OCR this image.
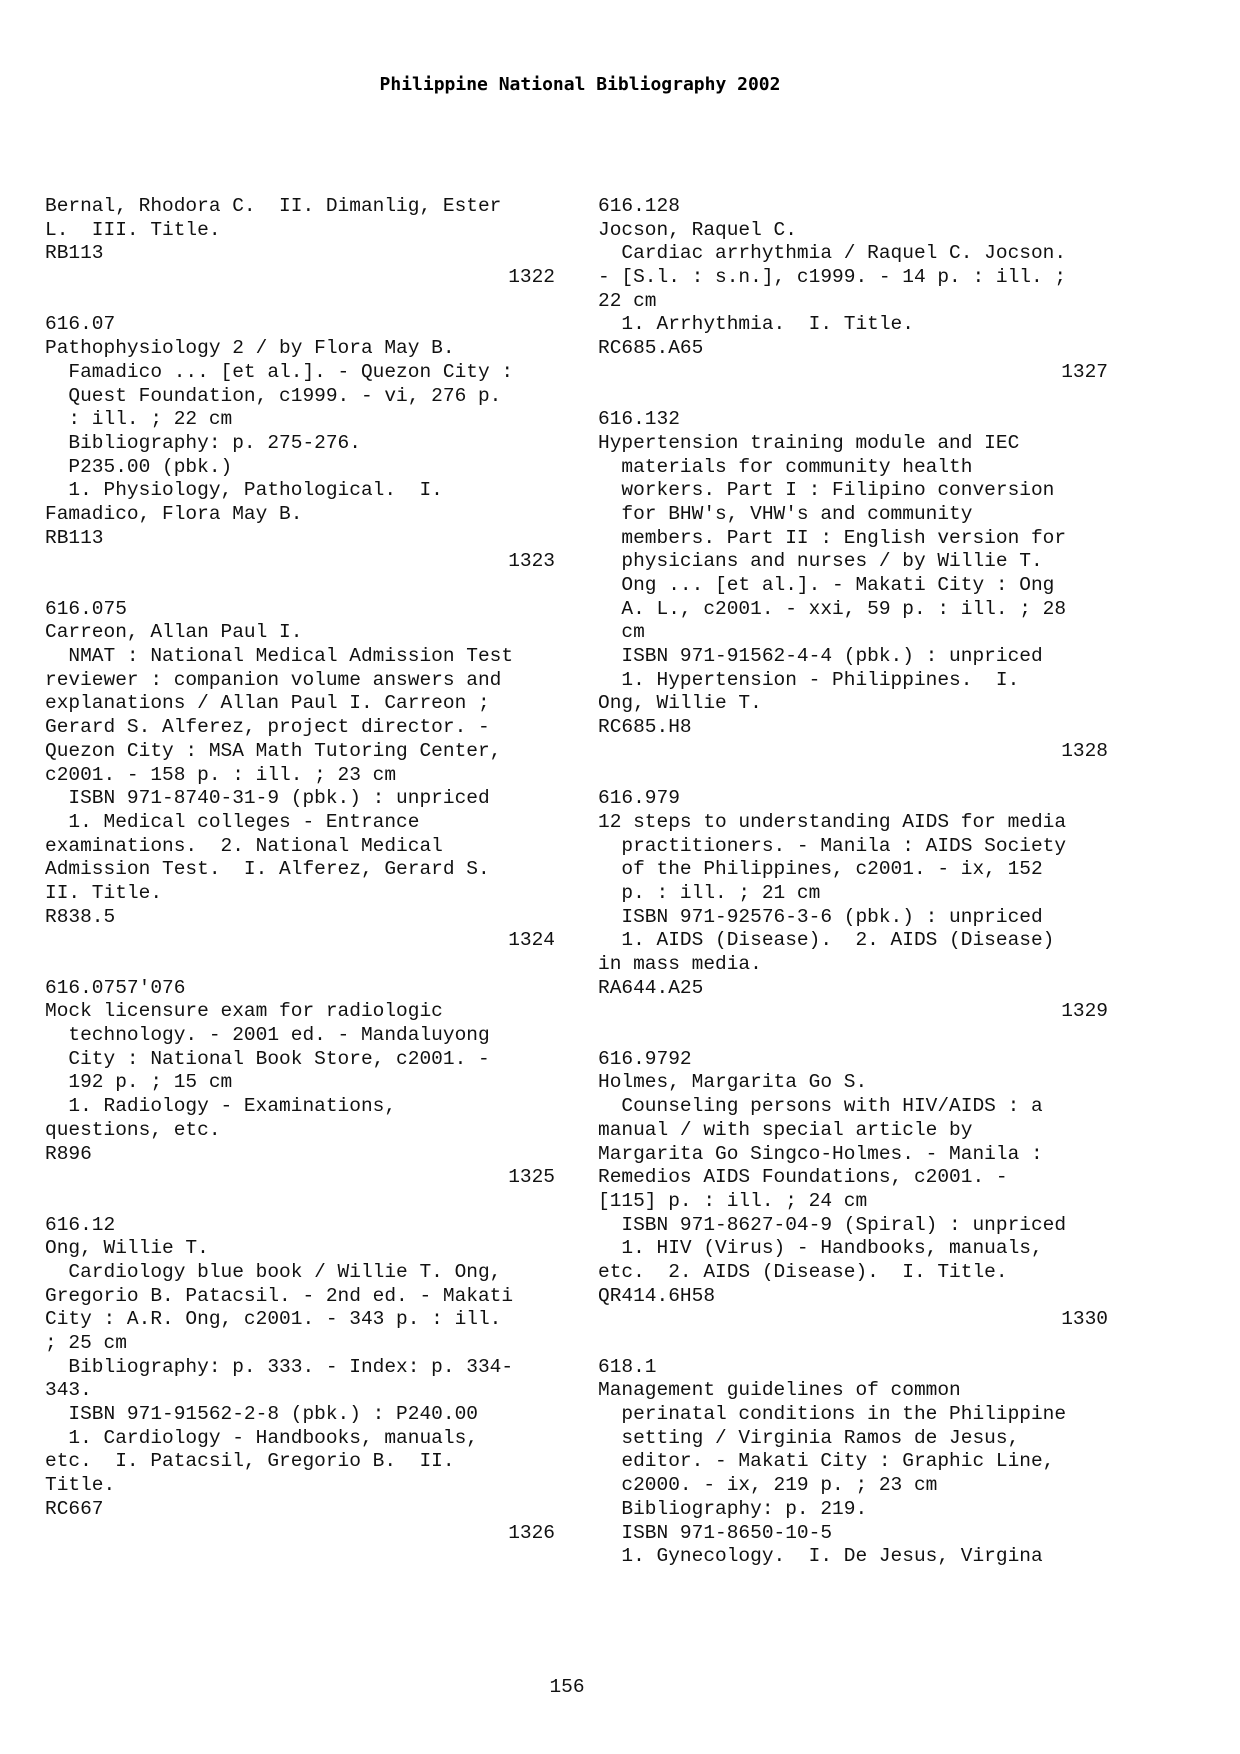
Philippine National Bibliography 2002
Bernal, Rhodora C.  II. Dimanlig, Ester
L.  III. Title.
RB113
1322
616.07
Pathophysiology 2 / by Flora May B.
Famadico ... [et al.]. - Quezon City :
Quest Foundation, c1999. - vi, 276 p.
: ill. ; 22 cm
Bibliography: p. 275-276.
P235.00 (pbk.)
1. Physiology, Pathological.  I.
Famadico, Flora May B.
RB113
1323
616.075
Carreon, Allan Paul I.
NMAT : National Medical Admission Test
reviewer : companion volume answers and
explanations / Allan Paul I. Carreon ;
Gerard S. Alferez, project director. -
Quezon City : MSA Math Tutoring Center,
c2001. - 158 p. : ill. ; 23 cm
ISBN 971-8740-31-9 (pbk.) : unpriced
1. Medical colleges - Entrance
examinations.  2. National Medical
Admission Test.  I. Alferez, Gerard S.
II. Title.
R838.5
1324
616.0757'076
Mock licensure exam for radiologic
technology. - 2001 ed. - Mandaluyong
City : National Book Store, c2001. -
192 p. ; 15 cm
1. Radiology - Examinations,
questions, etc.
R896
1325
616.12
Ong, Willie T.
Cardiology blue book / Willie T. Ong,
Gregorio B. Patacsil. - 2nd ed. - Makati
City : A.R. Ong, c2001. - 343 p. : ill.
; 25 cm
Bibliography: p. 333. - Index: p. 334-
343.
ISBN 971-91562-2-8 (pbk.) : P240.00
1. Cardiology - Handbooks, manuals,
etc.  I. Patacsil, Gregorio B.  II.
Title.
RC667
1326
616.128
Jocson, Raquel C.
Cardiac arrhythmia / Raquel C. Jocson.
- [S.l. : s.n.], c1999. - 14 p. : ill. ;
22 cm
1. Arrhythmia.  I. Title.
RC685.A65
1327
616.132
Hypertension training module and IEC
materials for community health
workers. Part I : Filipino conversion
for BHW's, VHW's and community
members. Part II : English version for
physicians and nurses / by Willie T.
Ong ... [et al.]. - Makati City : Ong
A. L., c2001. - xxi, 59 p. : ill. ; 28
cm
ISBN 971-91562-4-4 (pbk.) : unpriced
1. Hypertension - Philippines.  I.
Ong, Willie T.
RC685.H8
1328
616.979
12 steps to understanding AIDS for media
practitioners. - Manila : AIDS Society
of the Philippines, c2001. - ix, 152
p. : ill. ; 21 cm
ISBN 971-92576-3-6 (pbk.) : unpriced
1. AIDS (Disease).  2. AIDS (Disease)
in mass media.
RA644.A25
1329
616.9792
Holmes, Margarita Go S.
Counseling persons with HIV/AIDS : a
manual / with special article by
Margarita Go Singco-Holmes. - Manila :
Remedios AIDS Foundations, c2001. -
[115] p. : ill. ; 24 cm
ISBN 971-8627-04-9 (Spiral) : unpriced
1. HIV (Virus) - Handbooks, manuals,
etc.  2. AIDS (Disease).  I. Title.
QR414.6H58
1330
618.1
Management guidelines of common
perinatal conditions in the Philippine
setting / Virginia Ramos de Jesus,
editor. - Makati City : Graphic Line,
c2000. - ix, 219 p. ; 23 cm
Bibliography: p. 219.
ISBN 971-8650-10-5
1. Gynecology.  I. De Jesus, Virgina
156
